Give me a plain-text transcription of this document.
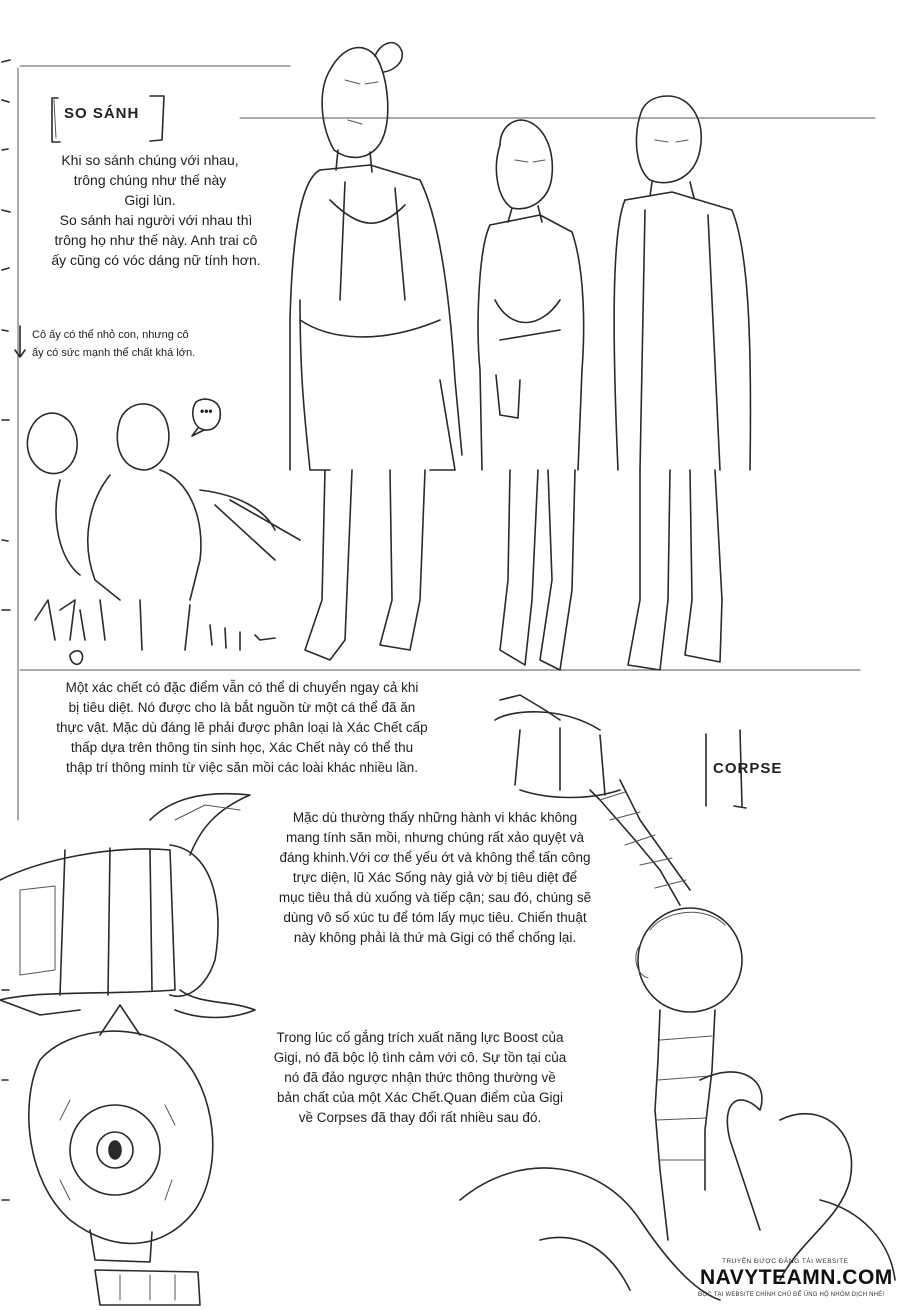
SO SÁNH
Khi so sánh chúng với nhau,
trông chúng như thế này
Gigi lùn.
So sánh hai người với nhau thì
trông họ như thế này. Anh trai cô
ấy cũng có vóc dáng nữ tính hơn.
Cô ấy có thể nhỏ con, nhưng cô
ấy có sức mạnh thể chất khá lớn.
•••
Một xác chết có đặc điểm vẫn có thể di chuyển ngay cả khi
bị tiêu diệt. Nó được cho là bắt nguồn từ một cá thể đã ăn
thực vật. Mặc dù đáng lẽ phải được phân loại là Xác Chết cấp
thấp dựa trên thông tin sinh học, Xác Chết này có thể thu
thập trí thông minh từ việc săn mồi các loài khác nhiều lần.	CORPSE
Mặc dù thường thấy những hành vi khác không
mang tính săn mồi, nhưng chúng rất xảo quyệt và
đáng khinh.Với cơ thể yếu ớt và không thể tấn công
trực diện, lũ Xác Sống này giả vờ bị tiêu diệt để
mục tiêu thả dù xuống và tiếp cận; sau đó, chúng sẽ
dùng vô số xúc tu để tóm lấy mục tiêu. Chiến thuật
này không phải là thứ mà Gigi có thể chống lại.
Trong lúc cố gắng trích xuất năng lực Boost của
Gigi, nó đã bộc lộ tình cảm với cô. Sự tồn tại của
nó đã đảo ngược nhận thức thông thường về
bản chất của một Xác Chết.Quan điểm của Gigi
về Corpses đã thay đổi rất nhiều sau đó.
TRUYỆN ĐƯỢC ĐĂNG TẢI WEBSITE
NAVYTEAMN.COM
ĐỌC TẠI WEBSITE CHÍNH CHỦ ĐỂ ỦNG HỘ NHÓM DỊCH NHÉ!
